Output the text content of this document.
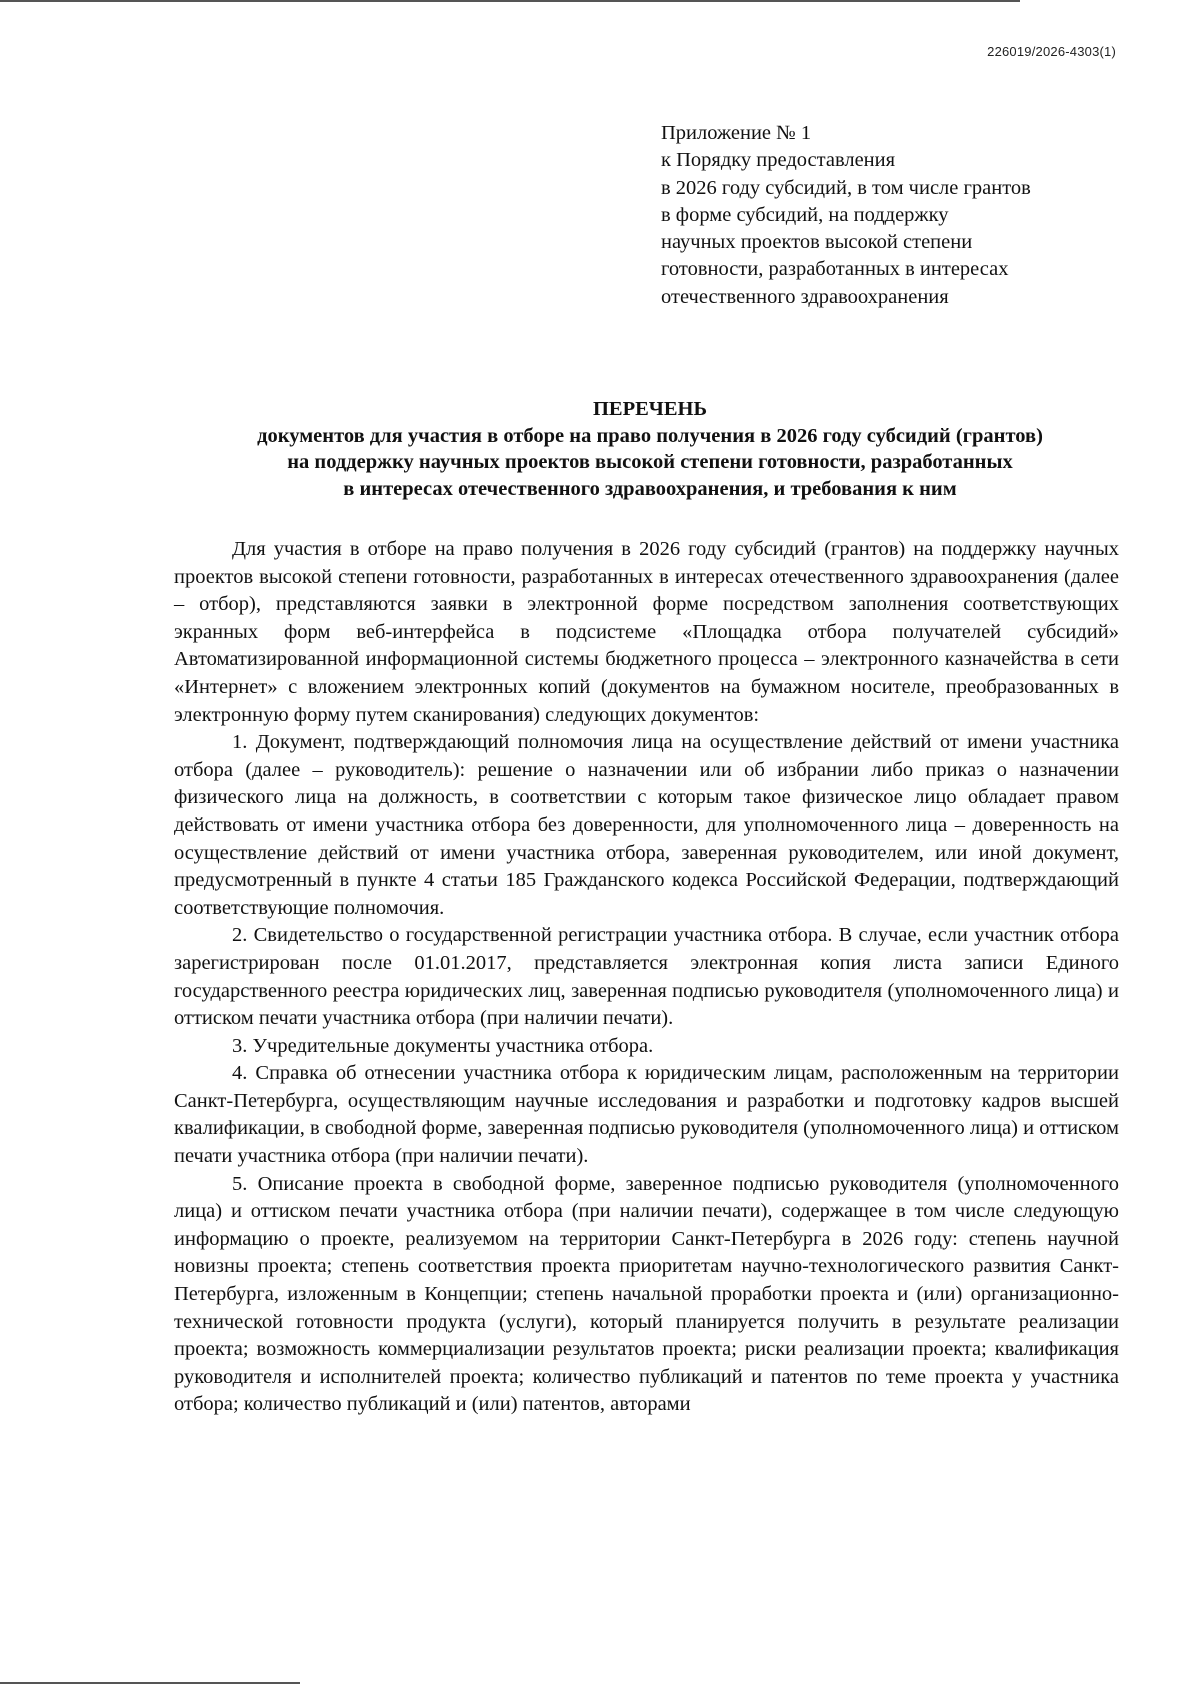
226019/2026-4303(1)
Приложение № 1
к Порядку предоставления
в 2026 году субсидий, в том числе грантов
в форме субсидий, на поддержку
научных проектов высокой степени
готовности, разработанных в интересах
отечественного здравоохранения
ПЕРЕЧЕНЬ
документов для участия в отборе на право получения в 2026 году субсидий (грантов)
на поддержку научных проектов высокой степени готовности, разработанных
в интересах отечественного здравоохранения, и требования к ним

Для участия в отборе на право получения в 2026 году субсидий (грантов) на поддержку научных проектов высокой степени готовности, разработанных в интересах отечественного здравоохранения (далее – отбор), представляются заявки в электронной форме посредством заполнения соответствующих экранных форм веб-интерфейса в подсистеме «Площадка отбора получателей субсидий» Автоматизированной информационной системы бюджетного процесса – электронного казначейства в сети «Интернет» с вложением электронных копий (документов на бумажном носителе, преобразованных в электронную форму путем сканирования) следующих документов:

1. Документ, подтверждающий полномочия лица на осуществление действий от имени участника отбора (далее – руководитель): решение о назначении или об избрании либо приказ о назначении физического лица на должность, в соответствии с которым такое физическое лицо обладает правом действовать от имени участника отбора без доверенности, для уполномоченного лица – доверенность на осуществление действий от имени участника отбора, заверенная руководителем, или иной документ, предусмотренный в пункте 4 статьи 185 Гражданского кодекса Российской Федерации, подтверждающий соответствующие полномочия.

2. Свидетельство о государственной регистрации участника отбора. В случае, если участник отбора зарегистрирован после 01.01.2017, представляется электронная копия листа записи Единого государственного реестра юридических лиц, заверенная подписью руководителя (уполномоченного лица) и оттиском печати участника отбора (при наличии печати).

3. Учредительные документы участника отбора.

4. Справка об отнесении участника отбора к юридическим лицам, расположенным на территории Санкт-Петербурга, осуществляющим научные исследования и разработки и подготовку кадров высшей квалификации, в свободной форме, заверенная подписью руководителя (уполномоченного лица) и оттиском печати участника отбора (при наличии печати).

5. Описание проекта в свободной форме, заверенное подписью руководителя (уполномоченного лица) и оттиском печати участника отбора (при наличии печати), содержащее в том числе следующую информацию о проекте, реализуемом на территории Санкт-Петербурга в 2026 году: степень научной новизны проекта; степень соответствия проекта приоритетам научно-технологического развития Санкт-Петербурга, изложенным в Концепции; степень начальной проработки проекта и (или) организационно-технической готовности продукта (услуги), который планируется получить в результате реализации проекта; возможность коммерциализации результатов проекта; риски реализации проекта; квалификация руководителя и исполнителей проекта; количество публикаций и патентов по теме проекта у участника отбора; количество публикаций и (или) патентов, авторами
